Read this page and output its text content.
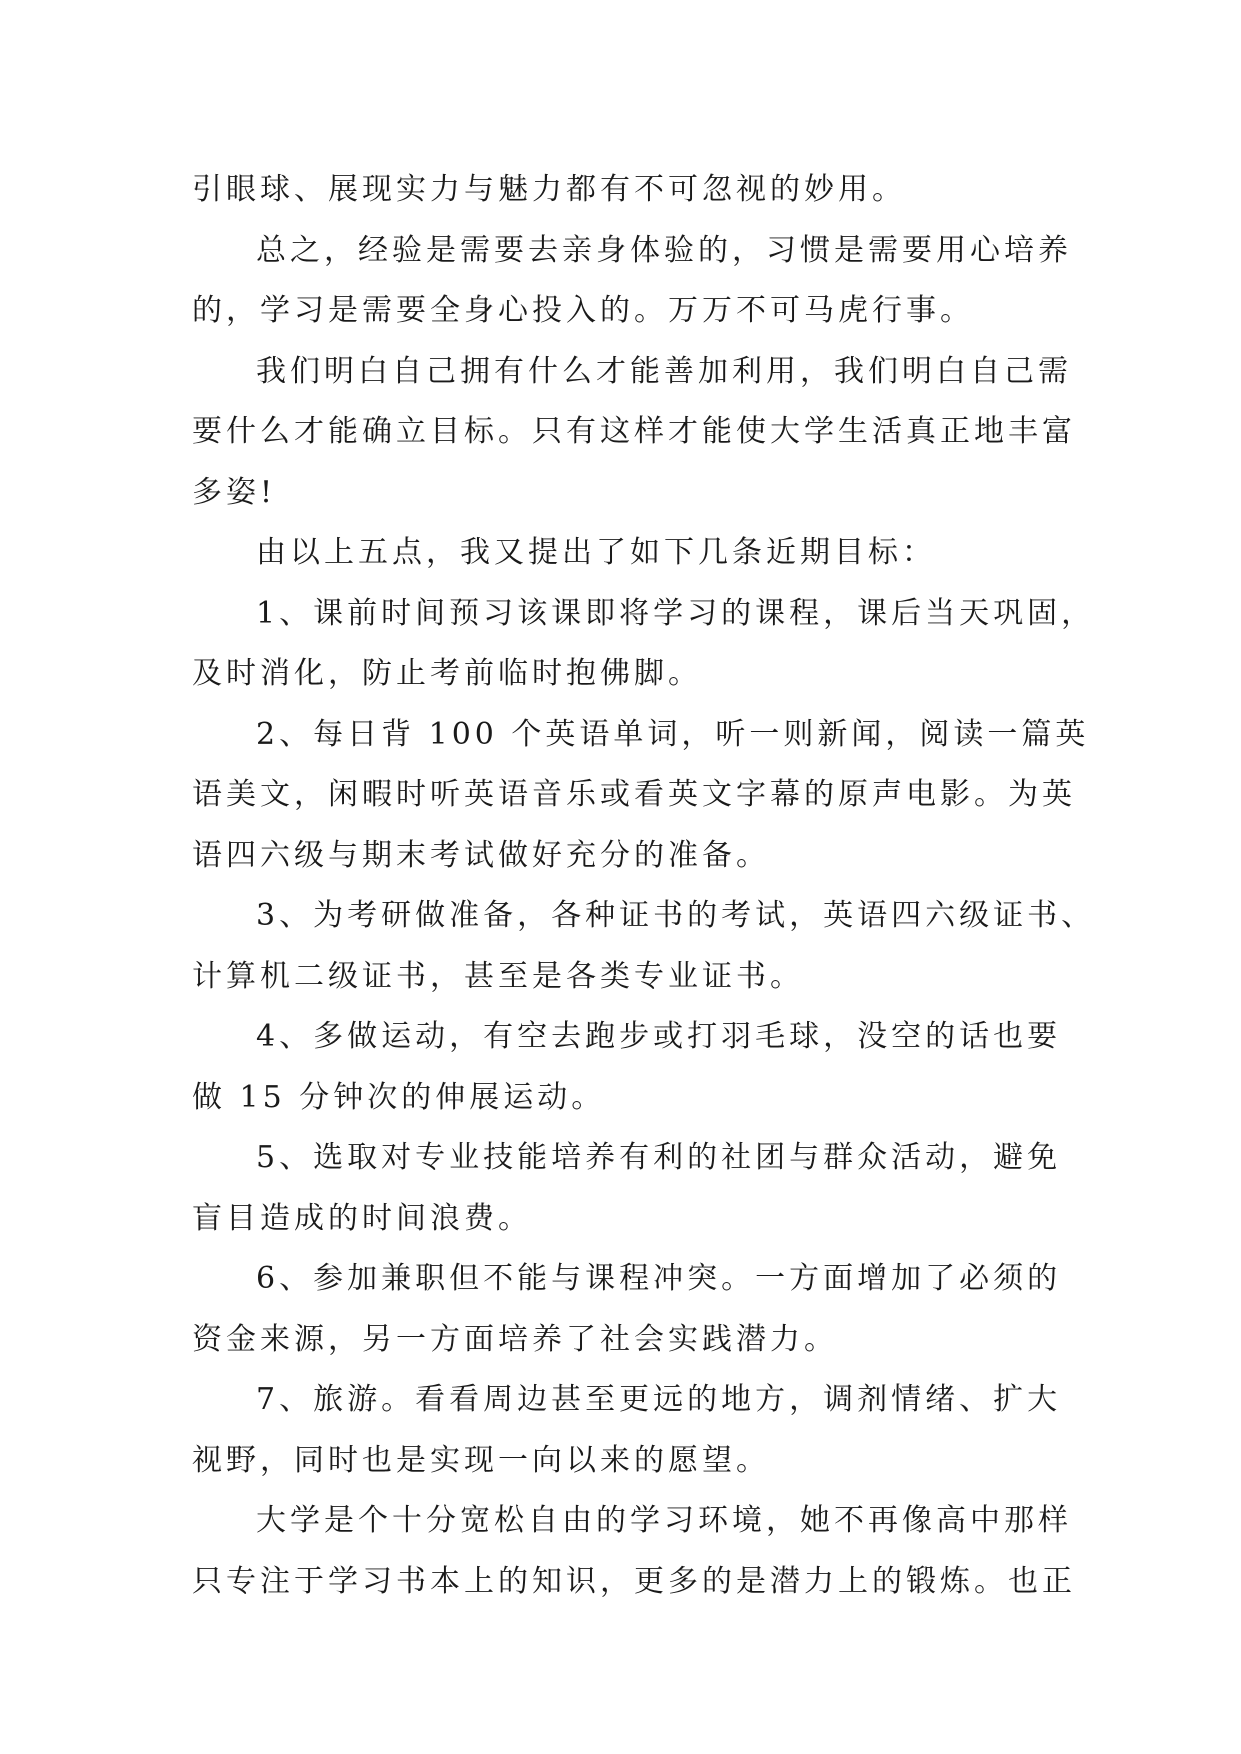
引眼球、展现实力与魅力都有不可忽视的妙用。
总之，经验是需要去亲身体验的，习惯是需要用心培养
的，学习是需要全身心投入的。万万不可马虎行事。
我们明白自己拥有什么才能善加利用，我们明白自己需
要什么才能确立目标。只有这样才能使大学生活真正地丰富
多姿!
由以上五点，我又提出了如下几条近期目标：
1、课前时间预习该课即将学习的课程，课后当天巩固，
及时消化，防止考前临时抱佛脚。
2、每日背 100 个英语单词，听一则新闻，阅读一篇英
语美文，闲暇时听英语音乐或看英文字幕的原声电影。为英
语四六级与期末考试做好充分的准备。
3、为考研做准备，各种证书的考试，英语四六级证书、
计算机二级证书，甚至是各类专业证书。
4、多做运动，有空去跑步或打羽毛球，没空的话也要
做 15 分钟次的伸展运动。
5、选取对专业技能培养有利的社团与群众活动，避免
盲目造成的时间浪费。
6、参加兼职但不能与课程冲突。一方面增加了必须的
资金来源，另一方面培养了社会实践潜力。
7、旅游。看看周边甚至更远的地方，调剂情绪、扩大
视野，同时也是实现一向以来的愿望。
大学是个十分宽松自由的学习环境，她不再像高中那样
只专注于学习书本上的知识，更多的是潜力上的锻炼。也正
